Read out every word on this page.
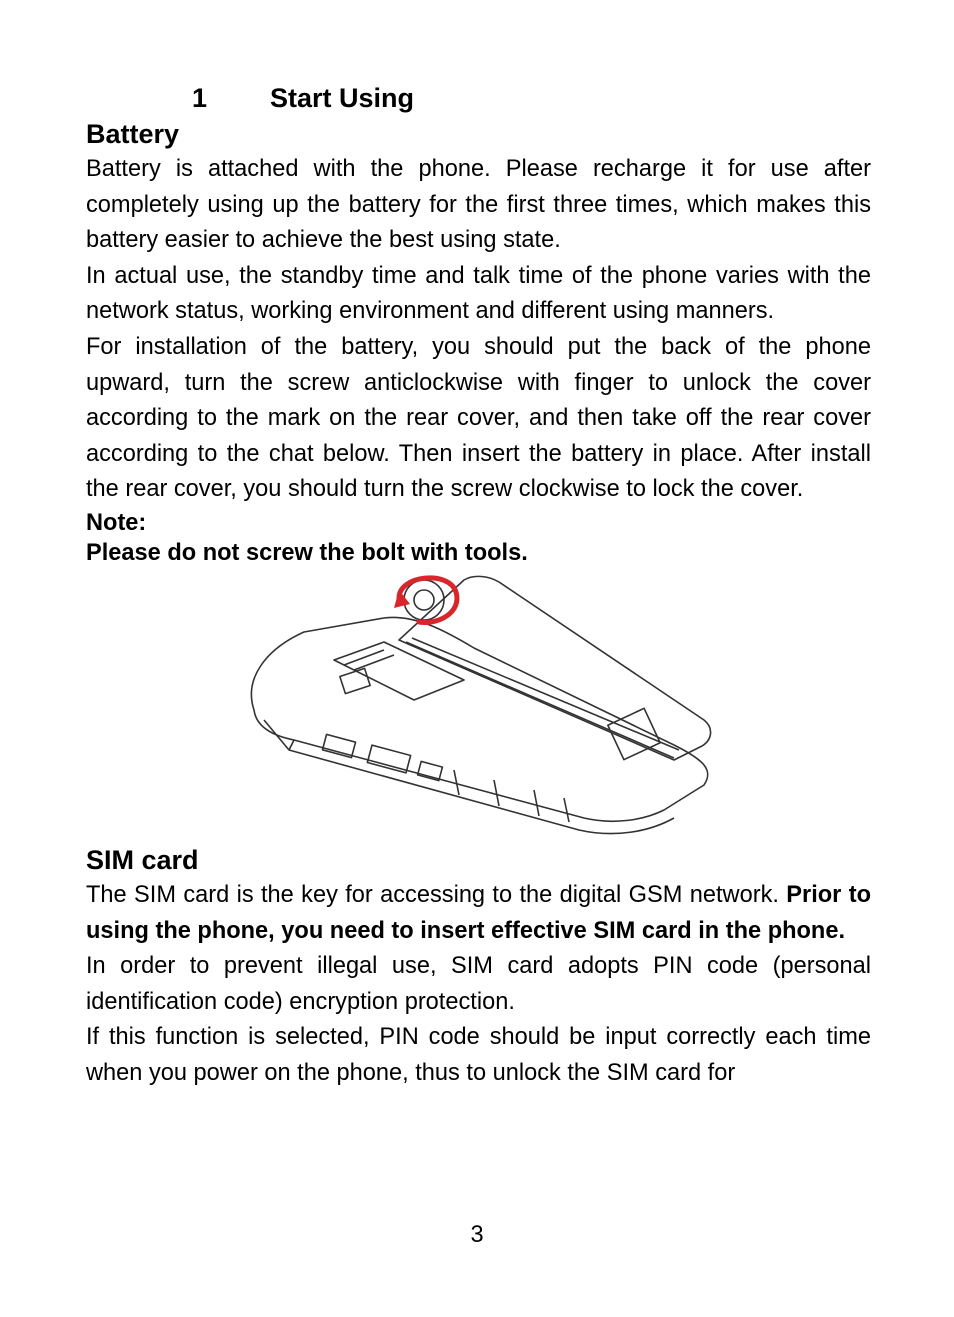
1 Start Using
Battery

Battery is attached with the phone. Please recharge it for use after completely using up the battery for the first three times, which makes this battery easier to achieve the best using state.

In actual use, the standby time and talk time of the phone varies with the network status, working environment and different using manners.

For installation of the battery, you should put the back of the phone upward, turn the screw anticlockwise with finger to unlock the cover according to the mark on the rear cover, and then take off the rear cover according to the chat below. Then insert the battery in place. After install the rear cover, you should turn the screw clockwise to lock the cover.

Note:
Please do not screw the bolt with tools.
SIM card

The SIM card is the key for accessing to the digital GSM network. Prior to using the phone, you need to insert effective SIM card in the phone.

In order to prevent illegal use, SIM card adopts PIN code (personal identification code) encryption protection.

If this function is selected, PIN code should be input correctly each time when you power on the phone, thus to unlock the SIM card for

3
